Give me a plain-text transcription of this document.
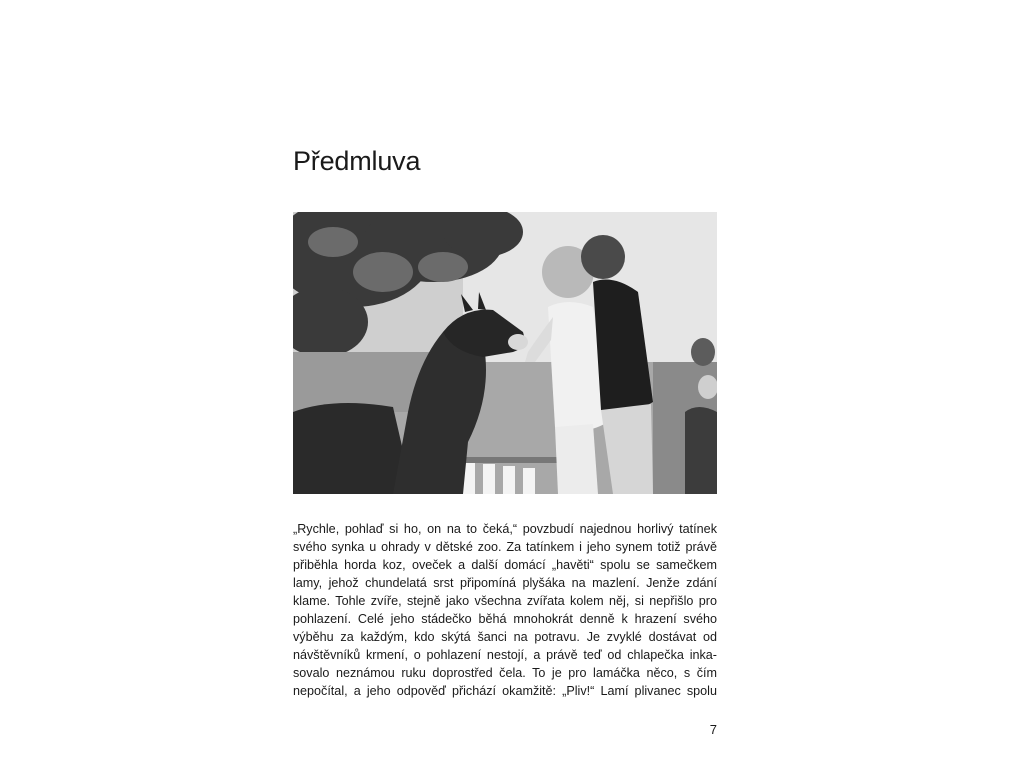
Předmluva

„Rychle, pohlaď si ho, on na to čeká,“ povzbudí najednou horlivý tatínek
svého synka u ohrady v dětské zoo. Za tatínkem i jeho synem totiž právě
přiběhla horda koz, oveček a další domácí „havěti“ spolu se samečkem
lamy, jehož chundelatá srst připomíná plyšáka na mazlení. Jenže zdání
klame. Tohle zvíře, stejně jako všechna zvířata kolem něj, si nepřišlo pro
pohlazení. Celé jeho stádečko běhá mnohokrát denně k hrazení svého
výběhu za každým, kdo skýtá šanci na potravu. Je zvyklé dostávat od
návštěvníků krmení, o pohlazení nestojí, a právě teď od chlapečka inka-
sovalo neznámou ruku doprostřed čela. To je pro lamáčka něco, s čím
nepočítal, a jeho odpověď přichází okamžitě: „Pliv!“ Lamí plivanec spolu

7
